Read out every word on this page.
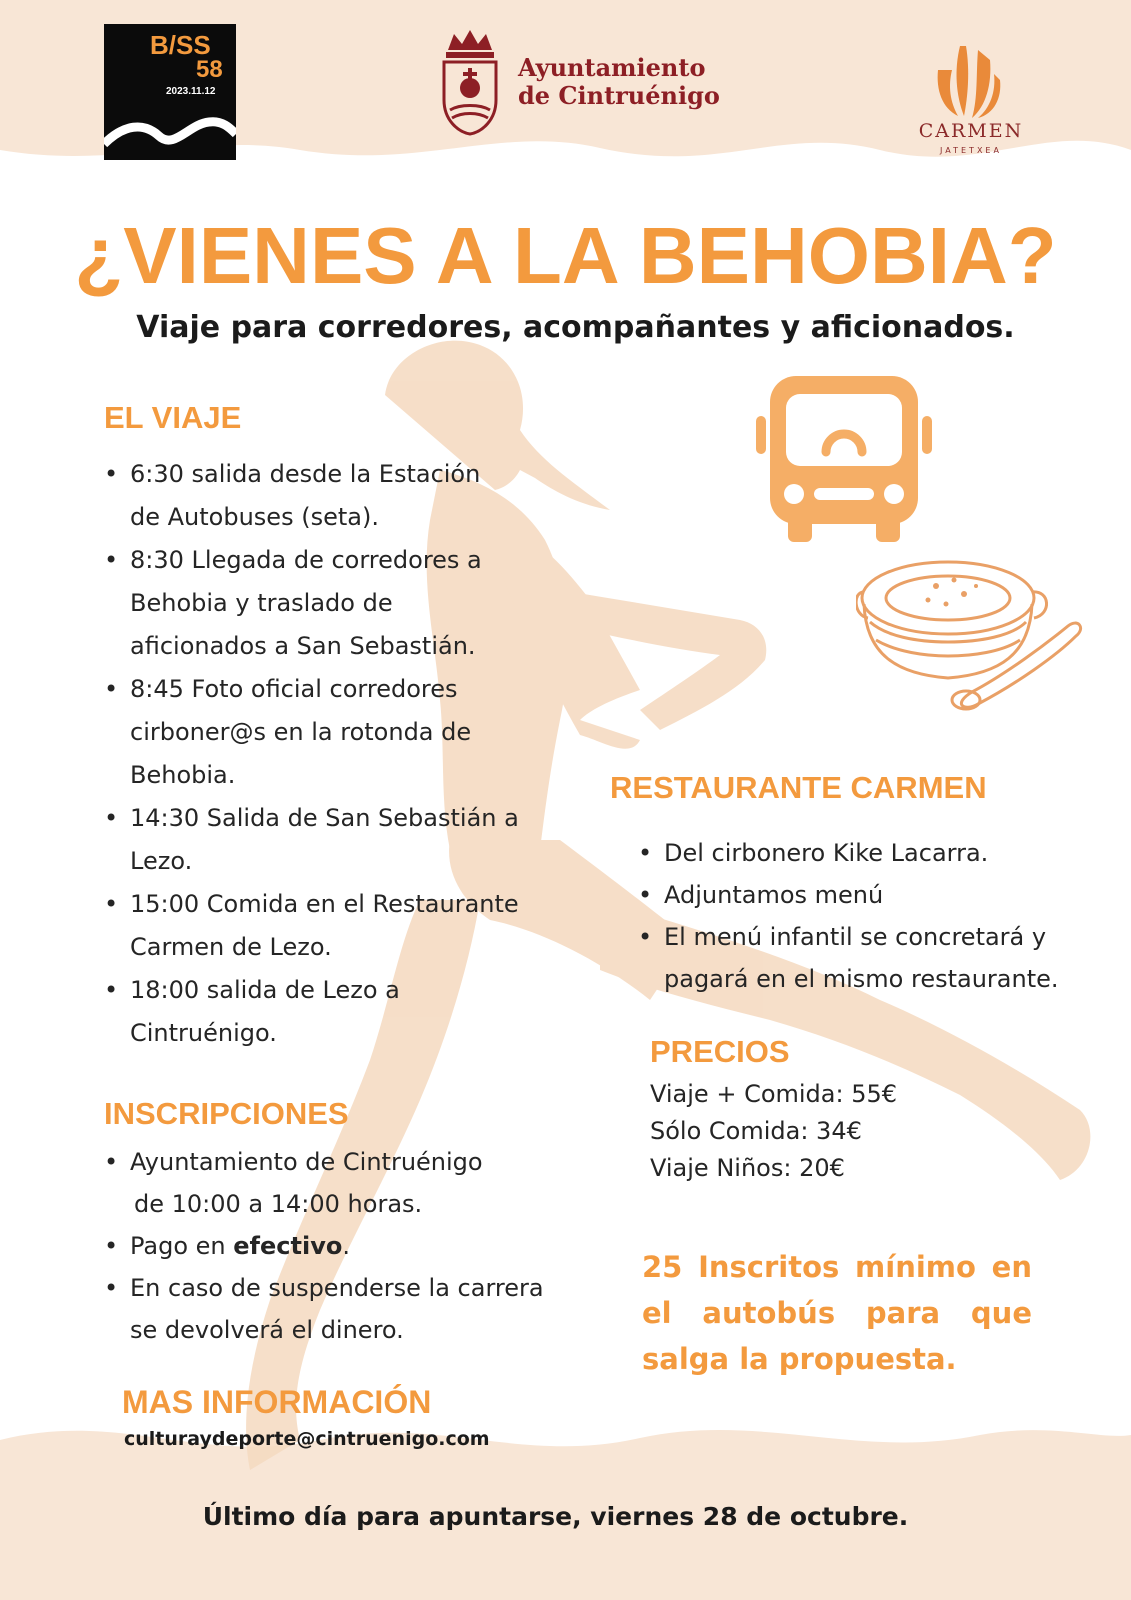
B/SS
58
2023.11.12
Ayuntamiento
de Cintruénigo
CARMEN
JATETXEA
¿VIENES A LA BEHOBIA?
Viaje para corredores, acompañantes y aficionados.
EL VIAJE
• 6:30 salida desde la Estación
de Autobuses (seta).
• 8:30 Llegada de corredores a
Behobia y traslado de
aficionados a San Sebastián.
• 8:45 Foto oficial corredores
cirboner@s en la rotonda de
Behobia.
• 14:30 Salida de San Sebastián a
Lezo.
• 15:00 Comida en el Restaurante
Carmen de Lezo.
• 18:00 salida de Lezo a
Cintruénigo.
INSCRIPCIONES
• Ayuntamiento de Cintruénigo
de 10:00 a 14:00 horas.
• Pago en efectivo.
• En caso de suspenderse la carrera
se devolverá el dinero.
MAS INFORMACIÓN
culturaydeporte@cintruenigo.com
RESTAURANTE CARMEN
• Del cirbonero Kike Lacarra.
• Adjuntamos menú
• El menú infantil se concretará y
pagará en el mismo restaurante.
PRECIOS
Viaje + Comida: 55€
Sólo Comida: 34€
Viaje Niños: 20€
25 Inscritos mínimo en
el autobús para que
salga la propuesta.
Último día para apuntarse, viernes 28 de octubre.
